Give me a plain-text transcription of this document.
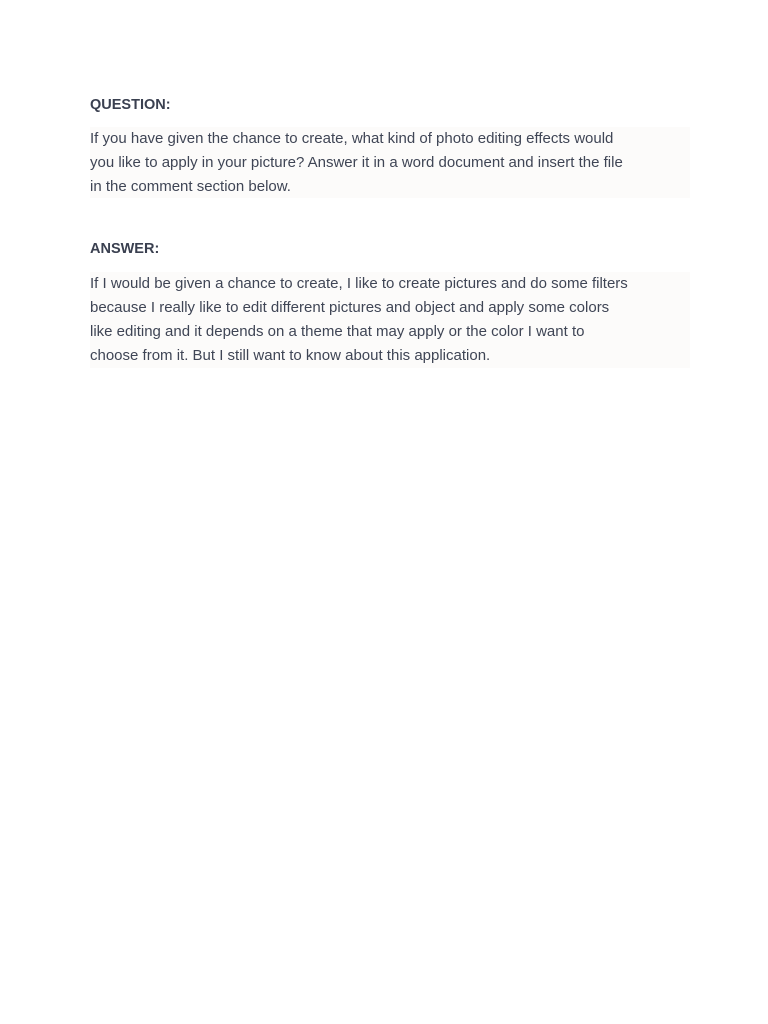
QUESTION:

If you have given the chance to create, what kind of photo editing effects would
you like to apply in your picture? Answer it in a word document and insert the file
in the comment section below.

ANSWER:

If I would be given a chance to create, I like to create pictures and do some filters
because I really like to edit different pictures and object and apply some colors
like editing and it depends on a theme that may apply or the color I want to
choose from it. But I still want to know about this application.
